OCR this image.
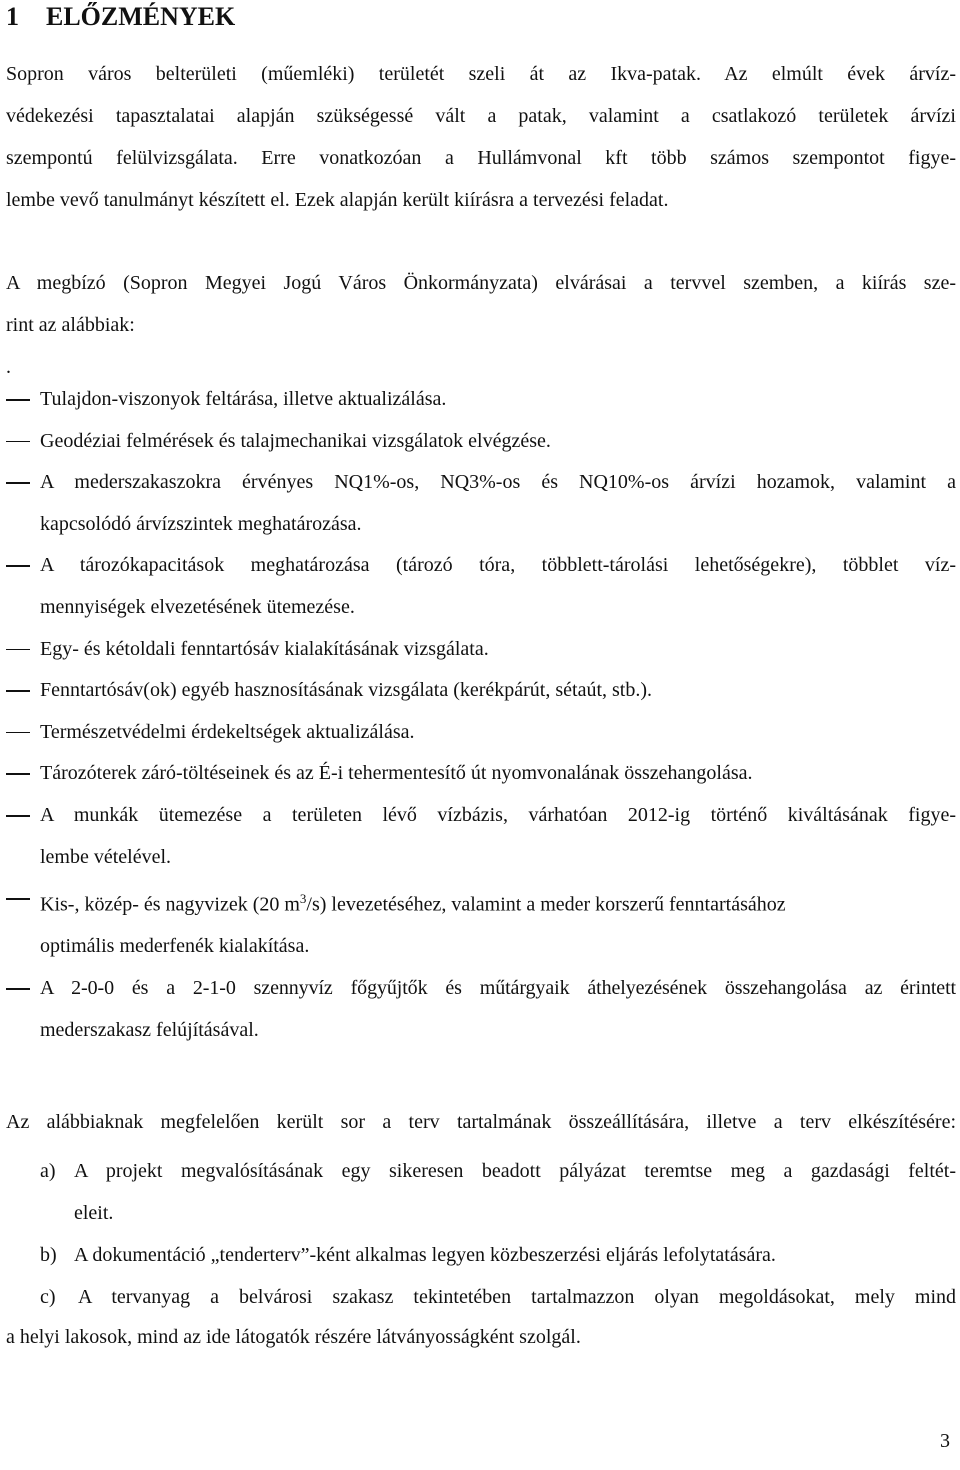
1 ELŐZMÉNYEK
Sopron város belterületi (műemléki) területét szeli át az Ikva-patak. Az elmúlt évek árvíz-
védekezési tapasztalatai alapján szükségessé vált a patak, valamint a csatlakozó területek árvízi
szempontú felülvizsgálata. Erre vonatkozóan a Hullámvonal kft több számos szempontot figye-
lembe vevő tanulmányt készített el. Ezek alapján került kiírásra a tervezési feladat.
A megbízó (Sopron Megyei Jogú Város Önkormányzata) elvárásai a tervvel szemben, a kiírás sze-
rint az alábbiak:
.
Tulajdon-viszonyok feltárása, illetve aktualizálása.
Geodéziai felmérések és talajmechanikai vizsgálatok elvégzése.
A mederszakaszokra érvényes NQ1%-os, NQ3%-os és NQ10%-os árvízi hozamok, valamint a
kapcsolódó árvízszintek meghatározása.
A tározókapacitások meghatározása (tározó tóra, többlett-tárolási lehetőségekre), többlet víz-
mennyiségek elvezetésének ütemezése.
Egy- és kétoldali fenntartósáv kialakításának vizsgálata.
Fenntartósáv(ok) egyéb hasznosításának vizsgálata (kerékpárút, sétaút, stb.).
Természetvédelmi érdekeltségek aktualizálása.
Tározóterek záró-töltéseinek és az É-i tehermentesítő út nyomvonalának összehangolása.
A munkák ütemezése a területen lévő vízbázis, várhatóan 2012-ig történő kiváltásának figye-
lembe vételével.
Kis-, közép- és nagyvizek (20 $m^3/s$) levezetéséhez, valamint a meder korszerű fenntartásához
optimális mederfenék kialakítása.
A 2-0-0 és a 2-1-0 szennyvíz főgyűjtők és műtárgyaik áthelyezésének összehangolása az érintett
mederszakasz felújításával.
Az alábbiaknak megfelelően került sor a terv tartalmának összeállítására, illetve a terv elkészítésére:
a) A projekt megvalósításának egy sikeresen beadott pályázat teremtse meg a gazdasági feltét-
eleit.
b) A dokumentáció „tenderterv”-ként alkalmas legyen közbeszerzési eljárás lefolytatására.
c) A tervanyag a belvárosi szakasz tekintetében tartalmazzon olyan megoldásokat, mely mind
a helyi lakosok, mind az ide látogatók részére látványosságként szolgál.
3
